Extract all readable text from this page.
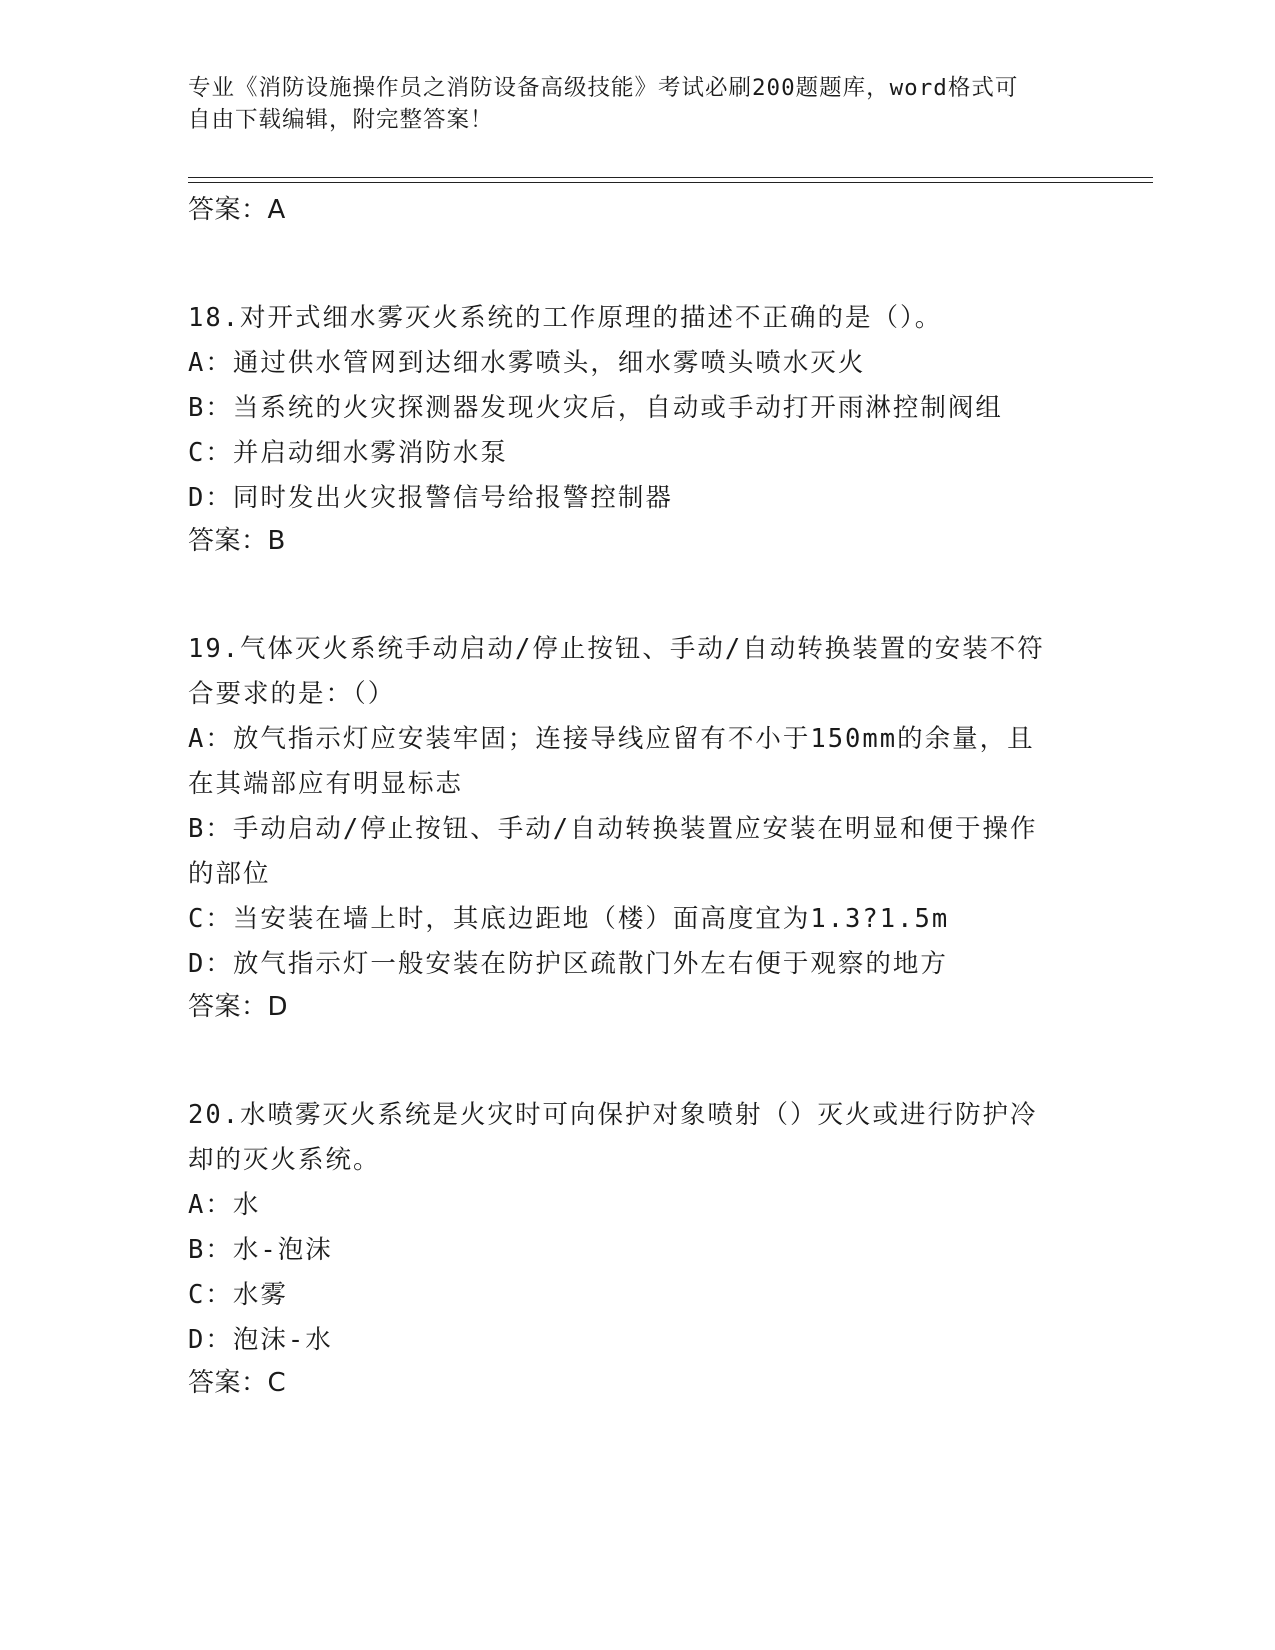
专业《消防设施操作员之消防设备高级技能》考试必刷200题题库，word格式可
自由下载编辑，附完整答案！

答案：A

18.对开式细水雾灭火系统的工作原理的描述不正确的是（）。

A：通过供水管网到达细水雾喷头，细水雾喷头喷水灭火

B：当系统的火灾探测器发现火灾后，自动或手动打开雨淋控制阀组

C：并启动细水雾消防水泵

D：同时发出火灾报警信号给报警控制器

答案：B

19.气体灭火系统手动启动/停止按钮、手动/自动转换装置的安装不符

合要求的是：（）

A：放气指示灯应安装牢固；连接导线应留有不小于150mm的余量，且

在其端部应有明显标志

B：手动启动/停止按钮、手动/自动转换装置应安装在明显和便于操作

的部位

C：当安装在墙上时，其底边距地（楼）面高度宜为1.3?1.5m

D：放气指示灯一般安装在防护区疏散门外左右便于观察的地方

答案：D

20.水喷雾灭火系统是火灾时可向保护对象喷射（）灭火或进行防护冷

却的灭火系统。

A：水

B：水-泡沫

C：水雾

D：泡沫-水

答案：C
